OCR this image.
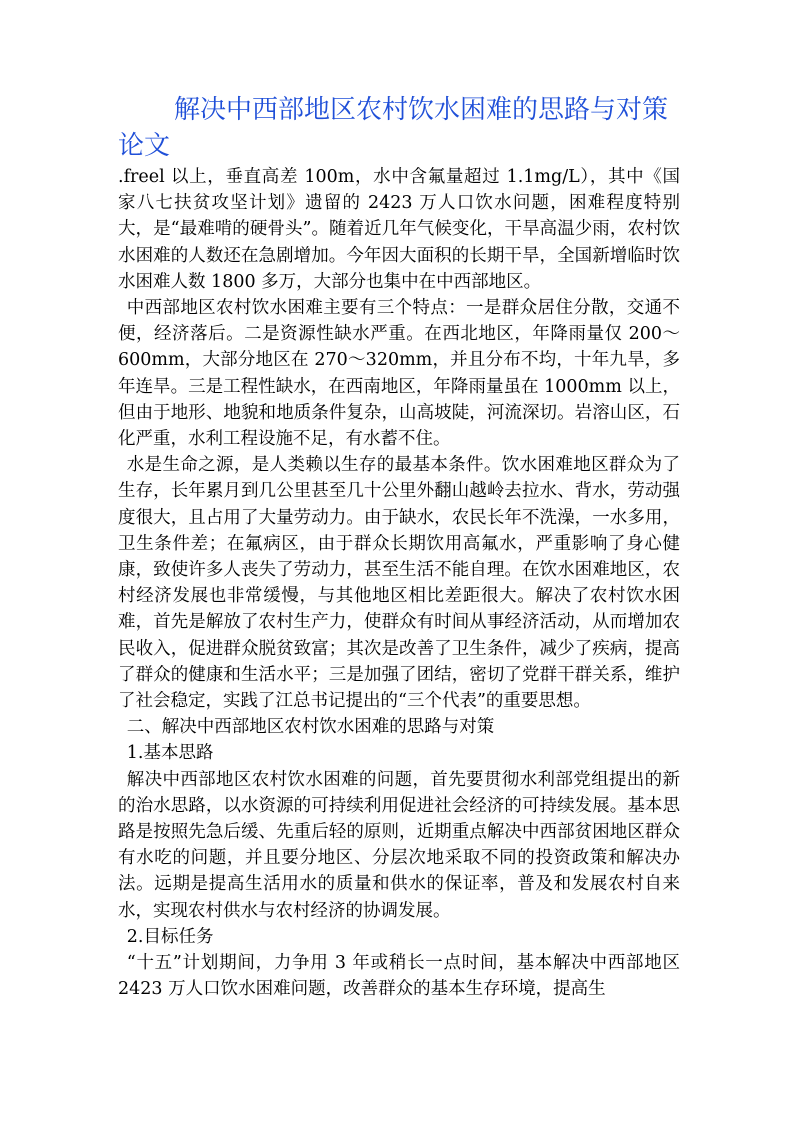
解决中西部地区农村饮水困难的思路与对策论文

.freel 以上，垂直高差 100m，水中含氟量超过 1.1mg/L），其中《国家八七扶贫攻坚计划》遗留的 2423 万人口饮水问题，困难程度特别大，是“最难啃的硬骨头”。随着近几年气候变化，干旱高温少雨，农村饮水困难的人数还在急剧增加。今年因大面积的长期干旱，全国新增临时饮水困难人数 1800 多万，大部分也集中在中西部地区。

中西部地区农村饮水困难主要有三个特点：一是群众居住分散，交通不便，经济落后。二是资源性缺水严重。在西北地区，年降雨量仅 200～600mm，大部分地区在 270～320mm，并且分布不均，十年九旱，多年连旱。三是工程性缺水，在西南地区，年降雨量虽在 1000mm 以上，但由于地形、地貌和地质条件复杂，山高坡陡，河流深切。岩溶山区，石化严重，水利工程设施不足，有水蓄不住。

水是生命之源，是人类赖以生存的最基本条件。饮水困难地区群众为了生存，长年累月到几公里甚至几十公里外翻山越岭去拉水、背水，劳动强度很大，且占用了大量劳动力。由于缺水，农民长年不洗澡，一水多用，卫生条件差；在氟病区，由于群众长期饮用高氟水，严重影响了身心健康，致使许多人丧失了劳动力，甚至生活不能自理。在饮水困难地区，农村经济发展也非常缓慢，与其他地区相比差距很大。解决了农村饮水困难，首先是解放了农村生产力，使群众有时间从事经济活动，从而增加农民收入，促进群众脱贫致富；其次是改善了卫生条件，减少了疾病，提高了群众的健康和生活水平；三是加强了团结，密切了党群干群关系，维护了社会稳定，实践了江总书记提出的“三个代表”的重要思想。

二、解决中西部地区农村饮水困难的思路与对策

1.基本思路

解决中西部地区农村饮水困难的问题，首先要贯彻水利部党组提出的新的治水思路，以水资源的可持续利用促进社会经济的可持续发展。基本思路是按照先急后缓、先重后轻的原则，近期重点解决中西部贫困地区群众有水吃的问题，并且要分地区、分层次地采取不同的投资政策和解决办法。远期是提高生活用水的质量和供水的保证率，普及和发展农村自来水，实现农村供水与农村经济的协调发展。

2.目标任务

“十五”计划期间，力争用 3 年或稍长一点时间，基本解决中西部地区 2423 万人口饮水困难问题，改善群众的基本生存环境，提高生
